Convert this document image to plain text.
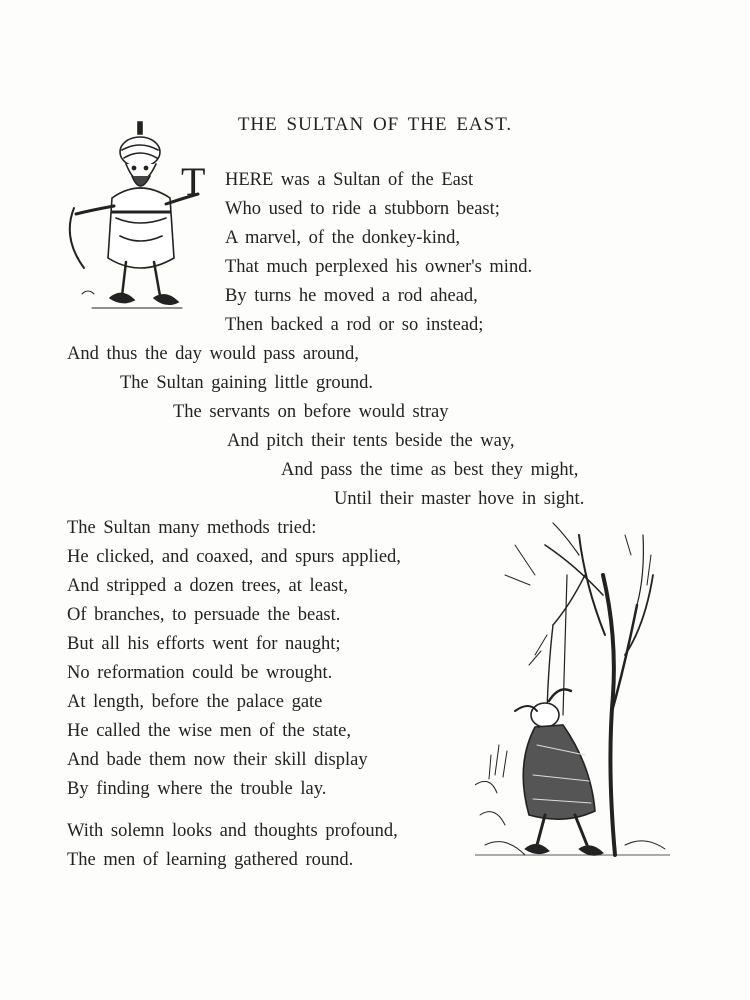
THE SULTAN OF THE EAST.
T HERE was a Sultan of the East
Who used to ride a stubborn beast;
A marvel, of the donkey-kind,
That much perplexed his owner's mind.
By turns he moved a rod ahead,
Then backed a rod or so instead;
And thus the day would pass around,
The Sultan gaining little ground.
The servants on before would stray
And pitch their tents beside the way,
And pass the time as best they might,
Until their master hove in sight.
The Sultan many methods tried:
He clicked, and coaxed, and spurs applied,
And stripped a dozen trees, at least,
Of branches, to persuade the beast.
But all his efforts went for naught;
No reformation could be wrought.
At length, before the palace gate
He called the wise men of the state,
And bade them now their skill display
By finding where the trouble lay.
With solemn looks and thoughts profound,
The men of learning gathered round.
